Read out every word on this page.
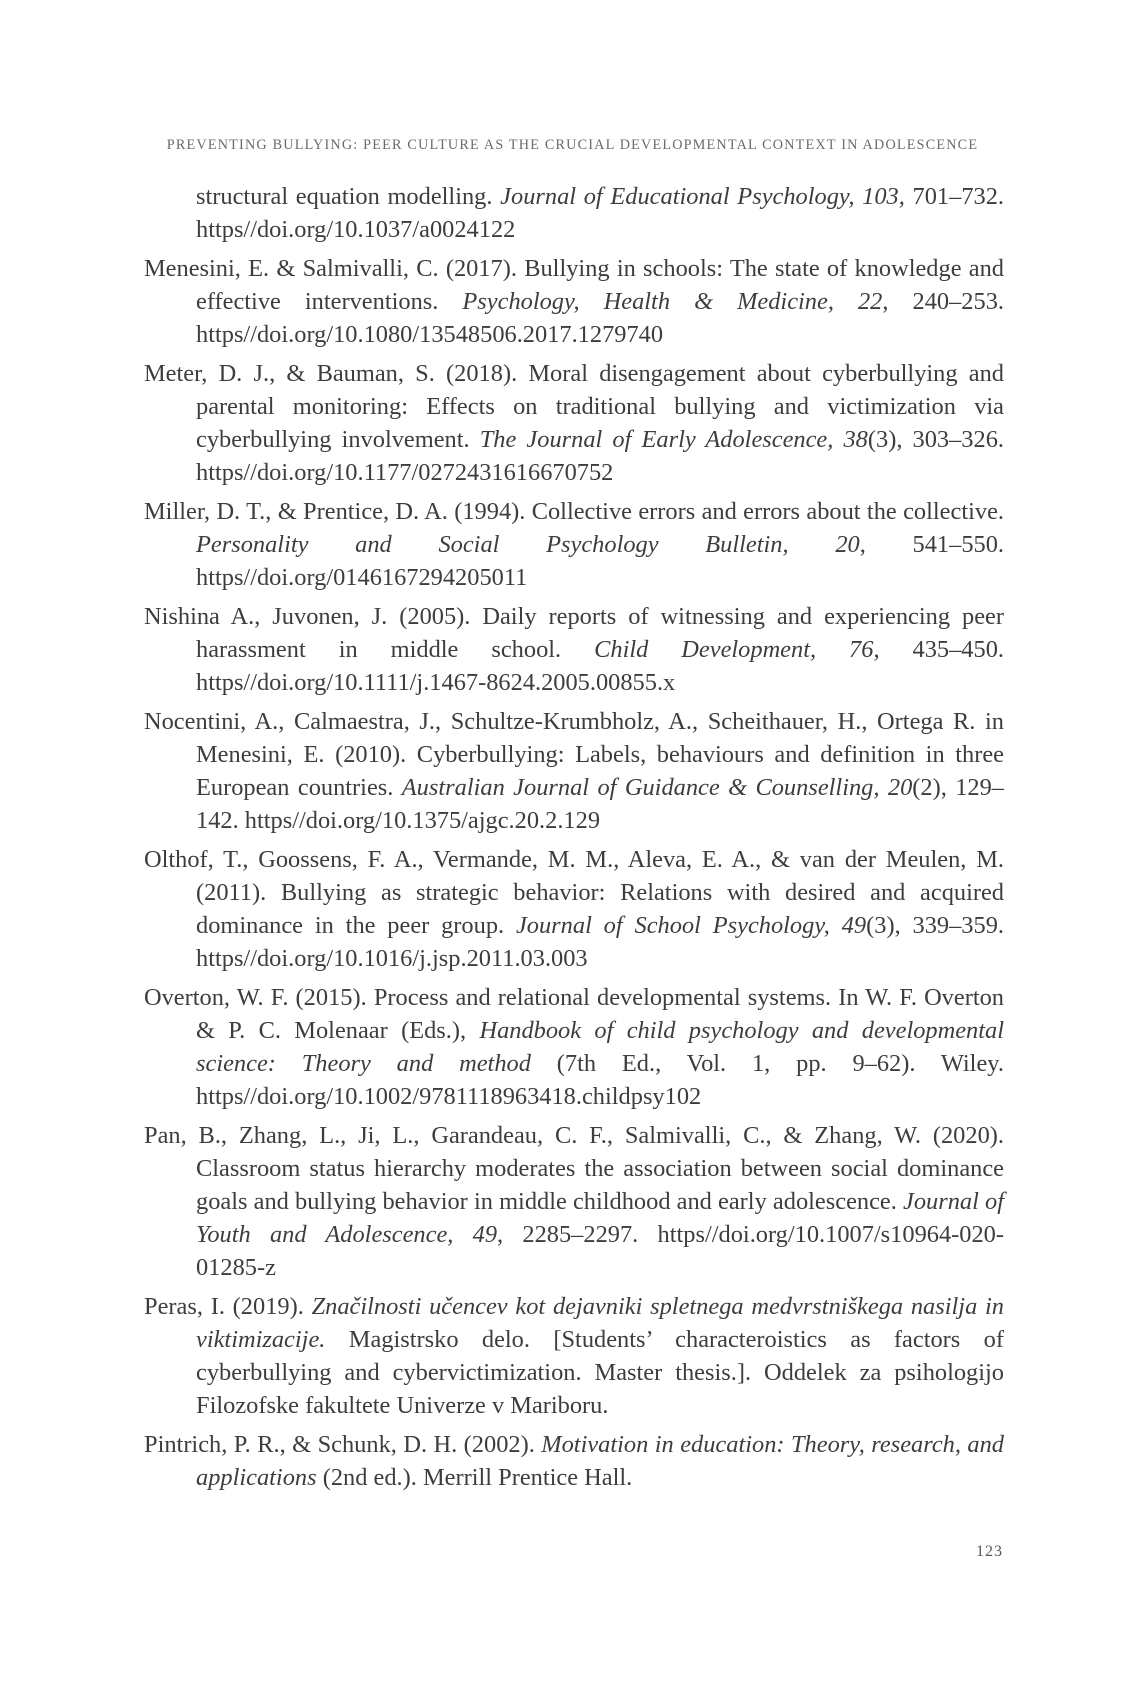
PREVENTING BULLYING: PEER CULTURE AS THE CRUCIAL DEVELOPMENTAL CONTEXT IN ADOLESCENCE

structural equation modelling. Journal of Educational Psychology, 103, 701–732. https//doi.org/10.1037/a0024122

Menesini, E. & Salmivalli, C. (2017). Bullying in schools: The state of knowledge and effective interventions. Psychology, Health & Medicine, 22, 240–253. https//doi.org/10.1080/13548506.2017.1279740

Meter, D. J., & Bauman, S. (2018). Moral disengagement about cyberbullying and parental monitoring: Effects on traditional bullying and victimization via cyberbullying involvement. The Journal of Early Adolescence, 38(3), 303–326. https//doi.org/10.1177/0272431616670752

Miller, D. T., & Prentice, D. A. (1994). Collective errors and errors about the collective. Personality and Social Psychology Bulletin, 20, 541–550. https//doi.org/0146167294205011

Nishina A., Juvonen, J. (2005). Daily reports of witnessing and experiencing peer harassment in middle school. Child Development, 76, 435–450. https//doi.org/10.1111/j.1467-8624.2005.00855.x

Nocentini, A., Calmaestra, J., Schultze-Krumbholz, A., Scheithauer, H., Ortega R. in Menesini, E. (2010). Cyberbullying: Labels, behaviours and definition in three European countries. Australian Journal of Guidance & Counselling, 20(2), 129–142. https//doi.org/10.1375/ajgc.20.2.129

Olthof, T., Goossens, F. A., Vermande, M. M., Aleva, E. A., & van der Meulen, M. (2011). Bullying as strategic behavior: Relations with desired and acquired dominance in the peer group. Journal of School Psychology, 49(3), 339–359. https//doi.org/10.1016/j.jsp.2011.03.003

Overton, W. F. (2015). Process and relational developmental systems. In W. F. Overton & P. C. Molenaar (Eds.), Handbook of child psychology and developmental science: Theory and method (7th Ed., Vol. 1, pp. 9–62). Wiley. https//doi.org/10.1002/9781118963418.childpsy102

Pan, B., Zhang, L., Ji, L., Garandeau, C. F., Salmivalli, C., & Zhang, W. (2020). Classroom status hierarchy moderates the association between social dominance goals and bullying behavior in middle childhood and early adolescence. Journal of Youth and Adolescence, 49, 2285–2297. https//doi.org/10.1007/s10964-020-01285-z

Peras, I. (2019). Značilnosti učencev kot dejavniki spletnega medvrstniškega nasilja in viktimizacije. Magistrsko delo. [Students’ characteroistics as factors of cyberbullying and cybervictimization. Master thesis.]. Oddelek za psihologijo Filozofske fakultete Univerze v Mariboru.

Pintrich, P. R., & Schunk, D. H. (2002). Motivation in education: Theory, research, and applications (2nd ed.). Merrill Prentice Hall.

123
